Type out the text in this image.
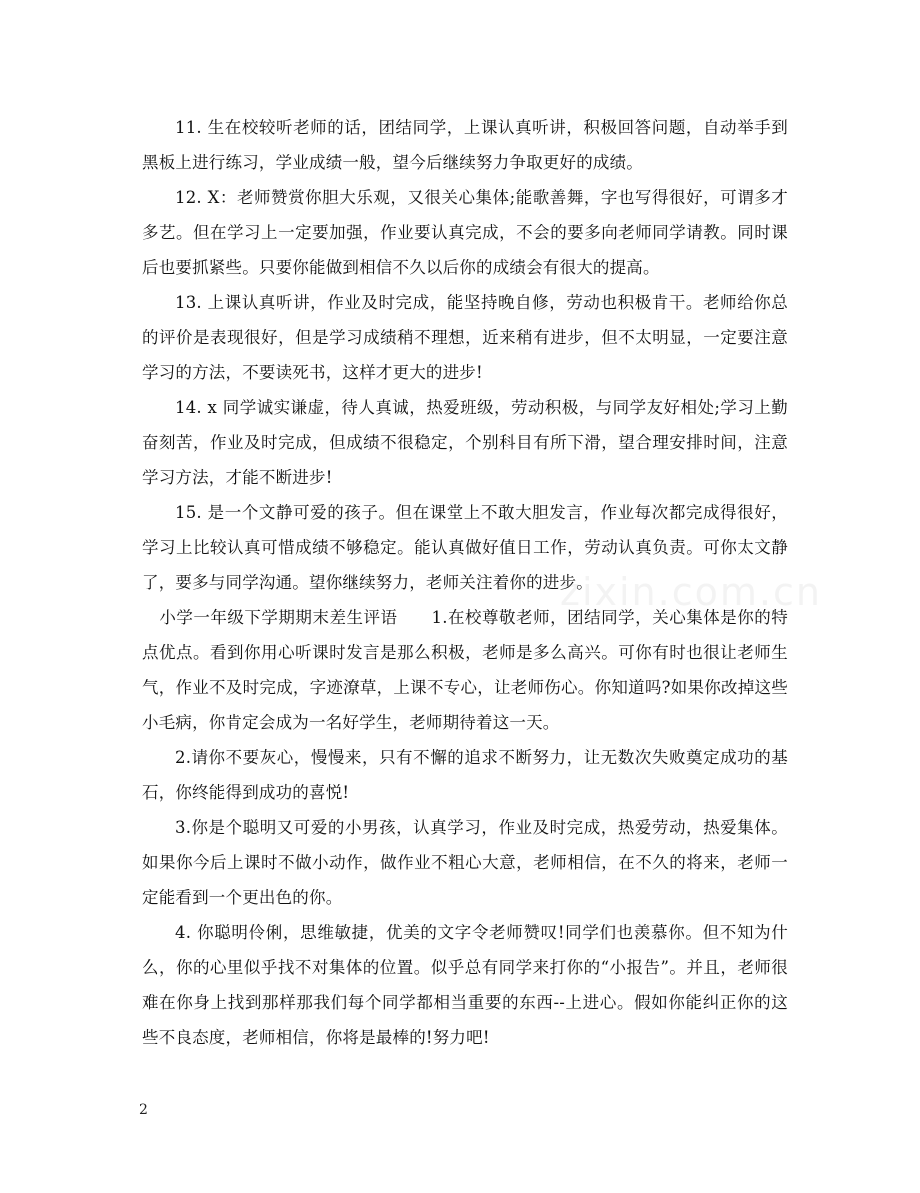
11. 生在校较听老师的话，团结同学，上课认真听讲，积极回答问题，自动举手到黑板上进行练习，学业成绩一般，望今后继续努力争取更好的成绩。

12. X：老师赞赏你胆大乐观，又很关心集体;能歌善舞，字也写得很好，可谓多才多艺。但在学习上一定要加强，作业要认真完成，不会的要多向老师同学请教。同时课后也要抓紧些。只要你能做到相信不久以后你的成绩会有很大的提高。

13. 上课认真听讲，作业及时完成，能坚持晚自修，劳动也积极肯干。老师给你总的评价是表现很好，但是学习成绩稍不理想，近来稍有进步，但不太明显，一定要注意学习的方法，不要读死书，这样才更大的进步!

14. x 同学诚实谦虚，待人真诚，热爱班级，劳动积极，与同学友好相处;学习上勤奋刻苦，作业及时完成，但成绩不很稳定，个别科目有所下滑，望合理安排时间，注意学习方法，才能不断进步!

15. 是一个文静可爱的孩子。但在课堂上不敢大胆发言，作业每次都完成得很好，学习上比较认真可惜成绩不够稳定。能认真做好值日工作，劳动认真负责。可你太文静了，要多与同学沟通。望你继续努力，老师关注着你的进步。

小学一年级下学期期末差生评语　　1.在校尊敬老师，团结同学，关心集体是你的特点优点。看到你用心听课时发言是那么积极，老师是多么高兴。可你有时也很让老师生气，作业不及时完成，字迹潦草，上课不专心，让老师伤心。你知道吗?如果你改掉这些小毛病，你肯定会成为一名好学生，老师期待着这一天。

2.请你不要灰心，慢慢来，只有不懈的追求不断努力，让无数次失败奠定成功的基石，你终能得到成功的喜悦!

3.你是个聪明又可爱的小男孩，认真学习，作业及时完成，热爱劳动，热爱集体。如果你今后上课时不做小动作，做作业不粗心大意，老师相信，在不久的将来，老师一定能看到一个更出色的你。

4. 你聪明伶俐，思维敏捷，优美的文字令老师赞叹!同学们也羡慕你。但不知为什么，你的心里似乎找不对集体的位置。似乎总有同学来打你的“小报告”。并且，老师很难在你身上找到那样那我们每个同学都相当重要的东西--上进心。假如你能纠正你的这些不良态度，老师相信，你将是最棒的!努力吧!

zixin.com.cn
2
